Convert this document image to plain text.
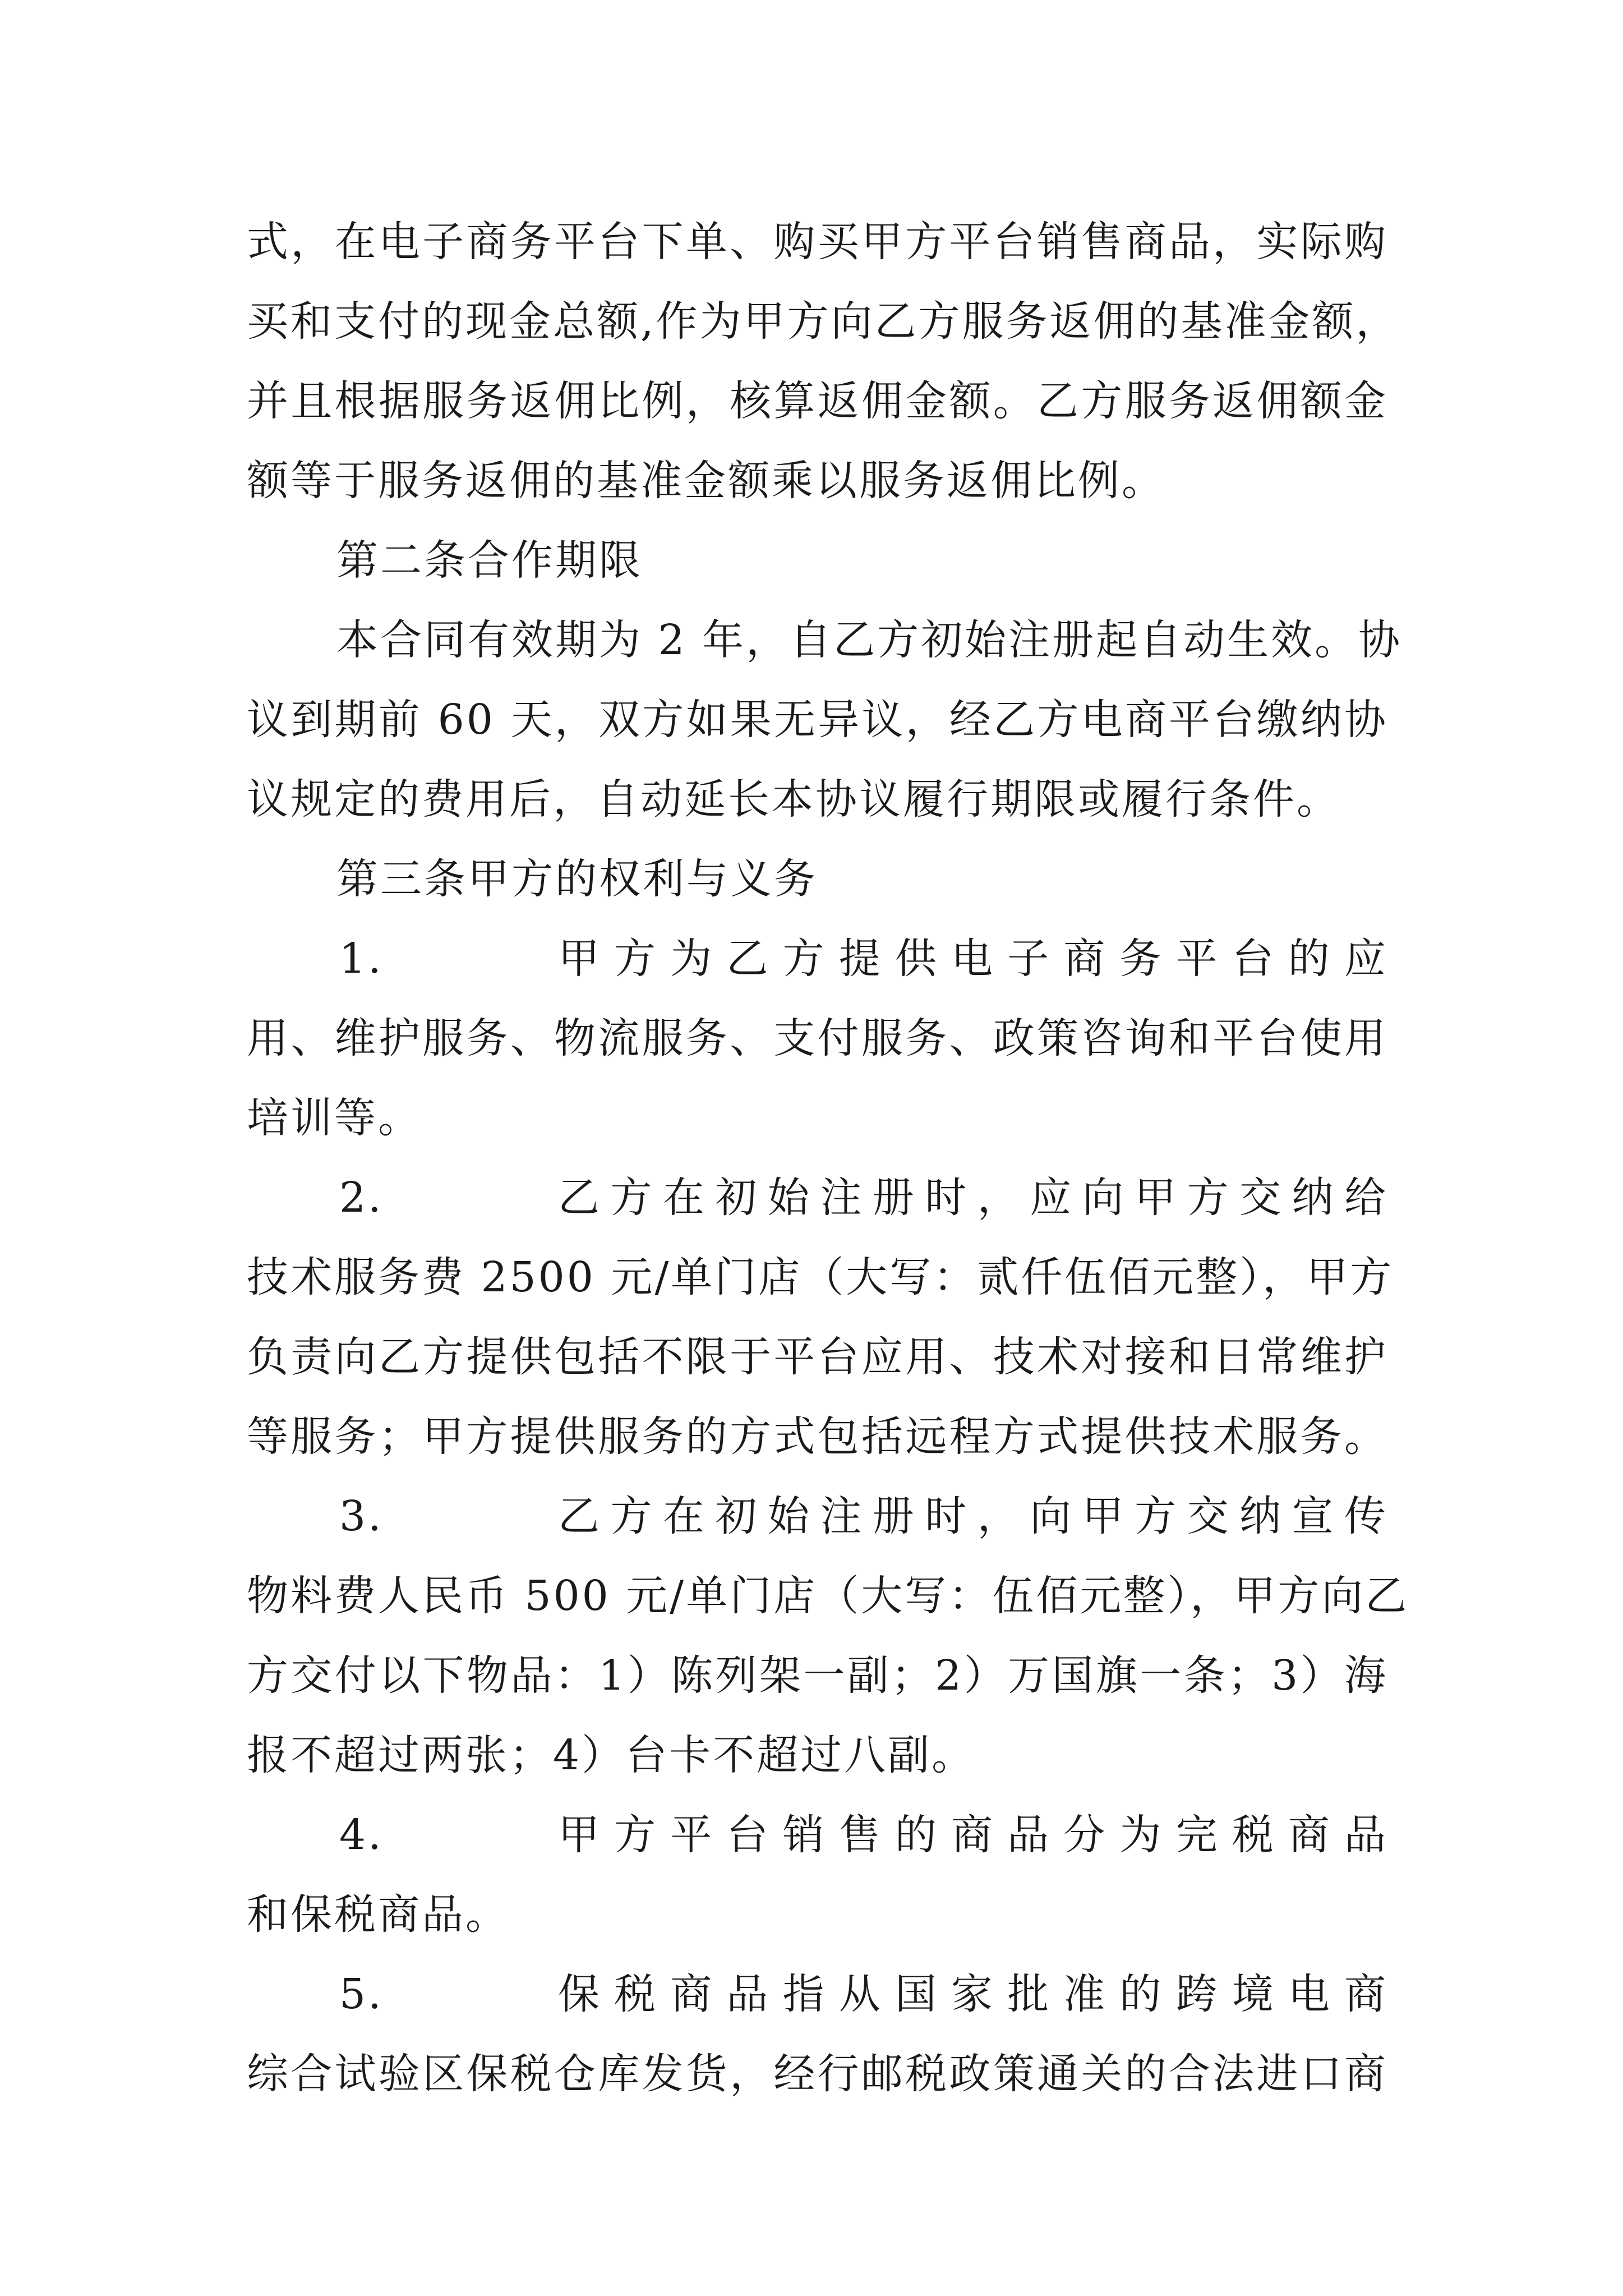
式，在电子商务平台下单、购买甲方平台销售商品，实际购
买和支付的现金总额,作为甲方向乙方服务返佣的基准金额，
并且根据服务返佣比例，核算返佣金额。乙方服务返佣额金
额等于服务返佣的基准金额乘以服务返佣比例。
第二条合作期限
本合同有效期为 2 年，自乙方初始注册起自动生效。协
议到期前 60 天，双方如果无异议，经乙方电商平台缴纳协
议规定的费用后，自动延长本协议履行期限或履行条件。
第三条甲方的权利与义务
1.	甲方为乙方提供电子商务平台的应
用、维护服务、物流服务、支付服务、政策咨询和平台使用
培训等。
2.	乙方在初始注册时，应向甲方交纳给
技术服务费 2500 元/单门店（大写：贰仟伍佰元整），甲方
负责向乙方提供包括不限于平台应用、技术对接和日常维护
等服务；甲方提供服务的方式包括远程方式提供技术服务。
3.	乙方在初始注册时，向甲方交纳宣传
物料费人民币 500 元/单门店（大写：伍佰元整），甲方向乙
方交付以下物品：1）陈列架一副；2）万国旗一条；3）海
报不超过两张；4）台卡不超过八副。
4.	甲方平台销售的商品分为完税商品
和保税商品。
5.	保税商品指从国家批准的跨境电商
综合试验区保税仓库发货，经行邮税政策通关的合法进口商
